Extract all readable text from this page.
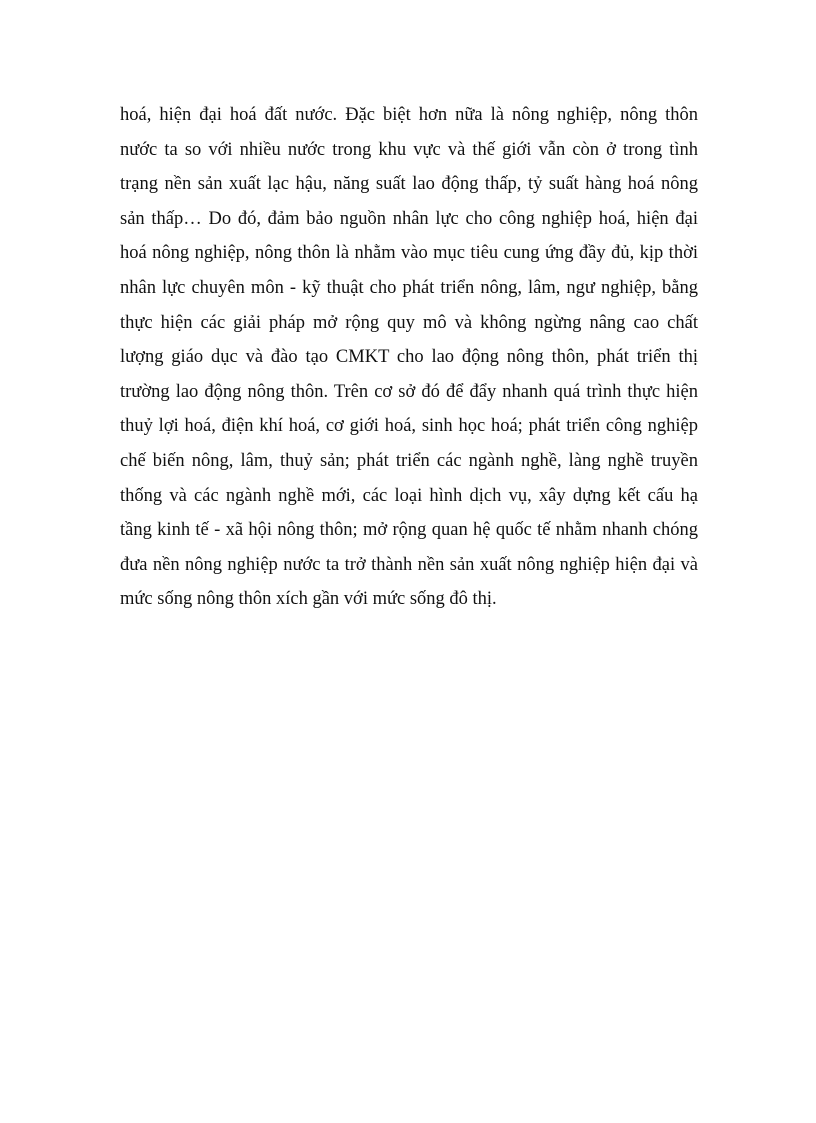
hoá, hiện đại hoá đất nước. Đặc biệt hơn nữa là nông nghiệp, nông thôn
nước ta so với nhiều nước trong khu vực và thế giới vẫn còn ở trong tình
trạng nền sản xuất lạc hậu, năng suất lao động thấp, tỷ suất hàng hoá nông
sản thấp… Do đó, đảm bảo nguồn nhân lực cho công nghiệp hoá, hiện đại
hoá nông nghiệp, nông thôn là nhằm vào mục tiêu cung ứng đầy đủ, kịp thời
nhân lực chuyên môn - kỹ thuật cho phát triển nông, lâm, ngư nghiệp, bằng
thực hiện các giải pháp mở rộng quy mô và không ngừng nâng cao chất
lượng giáo dục và đào tạo CMKT cho lao động nông thôn, phát triển thị
trường lao động nông thôn. Trên cơ sở đó để đẩy nhanh quá trình thực hiện
thuỷ lợi hoá, điện khí hoá, cơ giới hoá, sinh học hoá; phát triển công nghiệp
chế biến nông, lâm, thuỷ sản; phát triển các ngành nghề, làng nghề truyền
thống và các ngành nghề mới, các loại hình dịch vụ, xây dựng kết cấu hạ
tầng kinh tế - xã hội nông thôn; mở rộng quan hệ quốc tế nhằm nhanh chóng
đưa nền nông nghiệp nước ta trở thành nền sản xuất nông nghiệp hiện đại và
mức sống nông thôn xích gần với mức sống đô thị.
